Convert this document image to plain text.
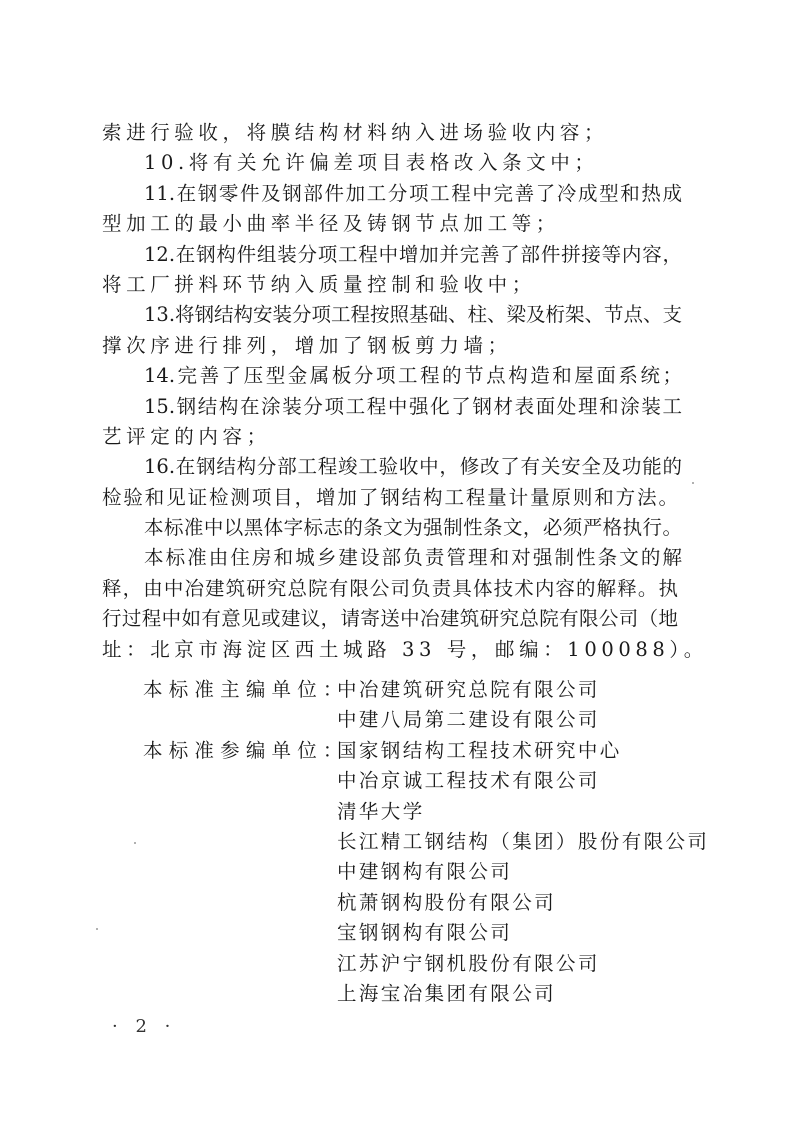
索进行验收，将膜结构材料纳入进场验收内容；
10.将有关允许偏差项目表格改入条文中；
11.在钢零件及钢部件加工分项工程中完善了冷成型和热成
型加工的最小曲率半径及铸钢节点加工等；
12.在钢构件组装分项工程中增加并完善了部件拼接等内容，
将工厂拼料环节纳入质量控制和验收中；
13.将钢结构安装分项工程按照基础、柱、梁及桁架、节点、支
撑次序进行排列，增加了钢板剪力墙；
14.完善了压型金属板分项工程的节点构造和屋面系统；
15.钢结构在涂装分项工程中强化了钢材表面处理和涂装工
艺评定的内容；
16.在钢结构分部工程竣工验收中，修改了有关安全及功能的
检验和见证检测项目，增加了钢结构工程量计量原则和方法。
本标准中以黑体字标志的条文为强制性条文，必须严格执行。
本标准由住房和城乡建设部负责管理和对强制性条文的解
释，由中冶建筑研究总院有限公司负责具体技术内容的解释。执
行过程中如有意见或建议，请寄送中冶建筑研究总院有限公司（地
址：北京市海淀区西土城路 33 号，邮编：100088）。
本 标 准 主 编 单 位 ：
中冶建筑研究总院有限公司
中建八局第二建设有限公司
本 标 准 参 编 单 位 ：
国家钢结构工程技术研究中心
中冶京诚工程技术有限公司
清华大学
长江精工钢结构（集团）股份有限公司
中建钢构有限公司
杭萧钢构股份有限公司
宝钢钢构有限公司
江苏沪宁钢机股份有限公司
上海宝冶集团有限公司
· 2 ·
